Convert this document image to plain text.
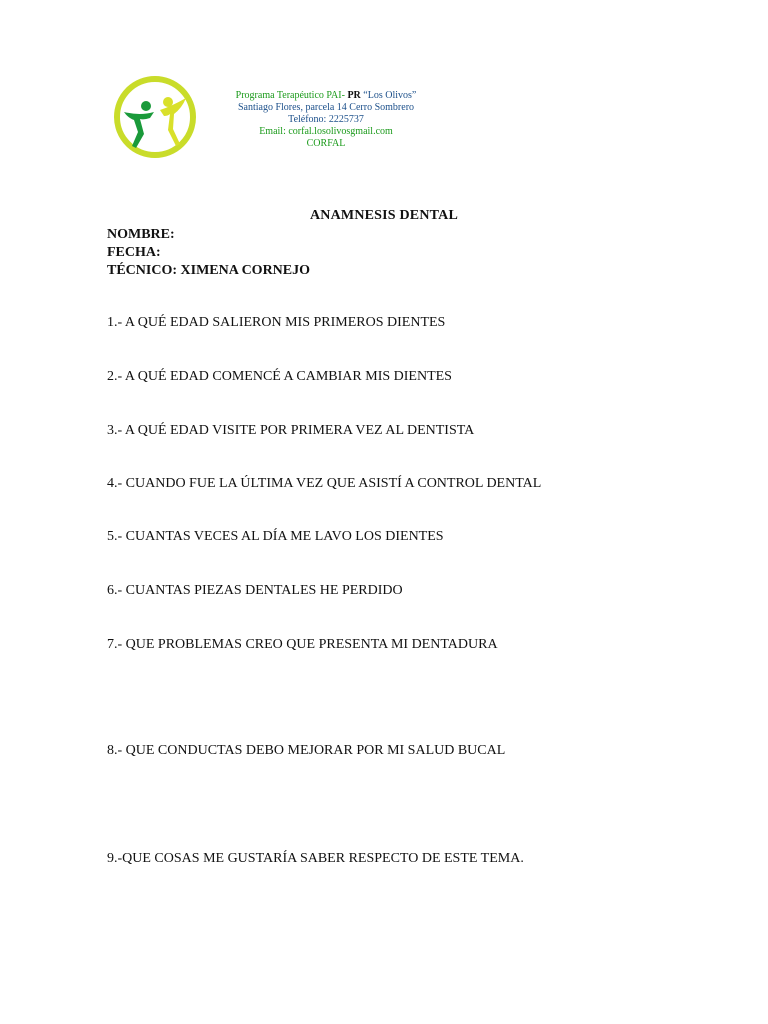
Programa Terapéutico PAI- PR “Los Olivos”
Santiago Flores, parcela 14 Cerro Sombrero
Teléfono: 2225737
Email: corfal.losolivosgmail.com
CORFAL
ANAMNESIS DENTAL
NOMBRE:
FECHA:
TÉCNICO: XIMENA CORNEJO
1.- A QUÉ EDAD SALIERON MIS PRIMEROS DIENTES
2.- A QUÉ EDAD COMENCÉ A CAMBIAR MIS DIENTES
3.- A QUÉ EDAD VISITE POR PRIMERA VEZ AL DENTISTA
4.- CUANDO FUE LA ÚLTIMA VEZ QUE ASISTÍ A CONTROL DENTAL
5.- CUANTAS VECES AL DÍA ME LAVO LOS DIENTES
6.- CUANTAS PIEZAS DENTALES HE PERDIDO
7.- QUE PROBLEMAS CREO QUE PRESENTA MI DENTADURA
8.- QUE CONDUCTAS DEBO MEJORAR POR MI SALUD BUCAL
9.-QUE COSAS ME GUSTARÍA SABER RESPECTO DE ESTE TEMA.
